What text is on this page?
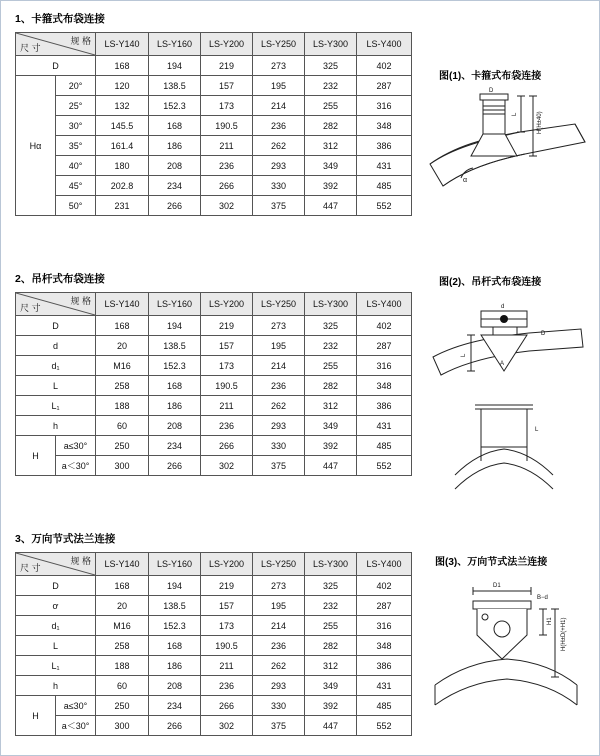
1、卡箍式布袋连接
规 格
尺 寸		LS-Y140	LS-Y160	LS-Y200	LS-Y250	LS-Y300	LS-Y400
D		168	194	219	273	325	402
Hα	20°	120	138.5	157	195	232	287
	25°	132	152.3	173	214	255	316
	30°	145.5	168	190.5	236	282	348
	35°	161.4	186	211	262	312	386
	40°	180	208	236	293	349	431
	45°	202.8	234	266	330	392	485
	50°	231	266	302	375	447	552
图(1)、卡箍式布袋连接
D
L	H(H±40)
α
2、吊杆式布袋连接
规 格
尺 寸		LS-Y140	LS-Y160	LS-Y200	LS-Y250	LS-Y300	LS-Y400
D		168	194	219	273	325	402
d		20	138.5	157	195	232	287
d₁		M16	152.3	173	214	255	316
L		258	168	190.5	236	282	348
L₁		188	186	211	262	312	386
h		60	208	236	293	349	431
H	a≤30°	250	234	266	330	392	485
	a＜30°	300	266	302	375	447	552
图(2)、吊杆式布袋连接
d
L
A
D
L
3、万向节式法兰连接
规 格
尺 寸		LS-Y140	LS-Y160	LS-Y200	LS-Y250	LS-Y300	LS-Y400
D		168	194	219	273	325	402
ơ		20	138.5	157	195	232	287
d₁		M16	152.3	173	214	255	316
L		258	168	190.5	236	282	348
L₁		188	186	211	262	312	386
h		60	208	236	293	349	431
H	a≤30°	250	234	266	330	392	485
	a＜30°	300	266	302	375	447	552
图(3)、万向节式法兰连接
D1
B−d
H1 H(H±D(+H1)
